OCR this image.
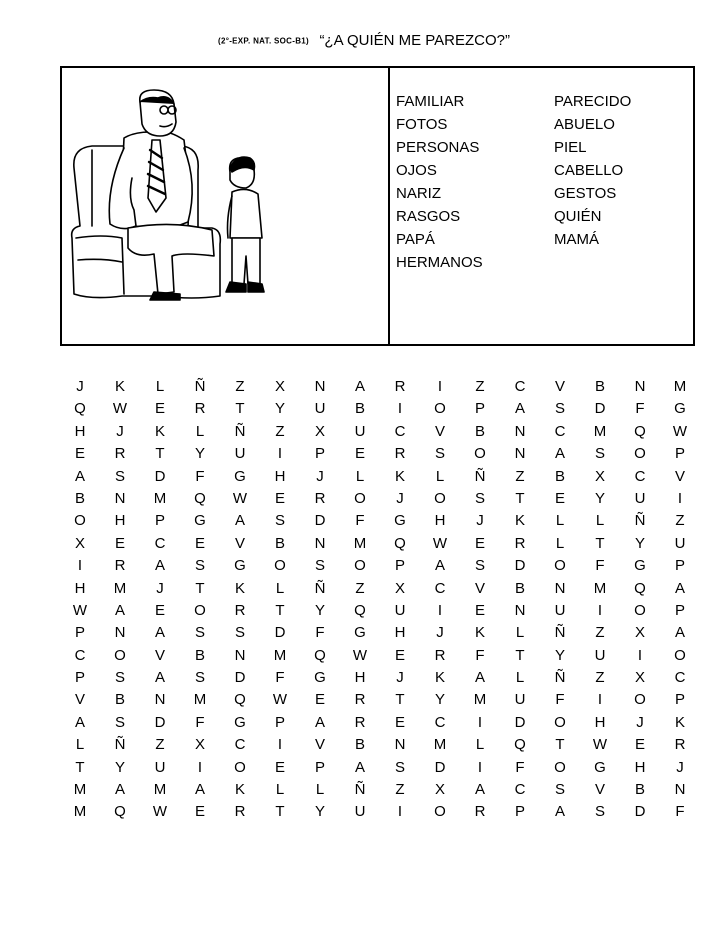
(2°-EXP. NAT. SOC-B1) “¿A QUIÉN ME PAREZCO?”
FAMILIAR	PARECIDO
FOTOS	ABUELO
PERSONAS	PIEL
OJOS	CABELLO
NARIZ	GESTOS
RASGOS	QUIÉN
PAPÁ	MAMÁ
HERMANOS
J	K	L	Ñ	Z	X	N	A	R	I	Z	C	V	B	N	M
Q	W	E	R	T	Y	U	B	I	O	P	A	S	D	F	G
H	J	K	L	Ñ	Z	X	U	C	V	B	N	C	M	Q	W
E	R	T	Y	U	I	P	E	R	S	O	N	A	S	O	P
A	S	D	F	G	H	J	L	K	L	Ñ	Z	B	X	C	V
B	N	M	Q	W	E	R	O	J	O	S	T	E	Y	U	I
O	H	P	G	A	S	D	F	G	H	J	K	L	L	Ñ	Z
X	E	C	E	V	B	N	M	Q	W	E	R	L	T	Y	U
I	R	A	S	G	O	S	O	P	A	S	D	O	F	G	P
H	M	J	T	K	L	Ñ	Z	X	C	V	B	N	M	Q	A
W	A	E	O	R	T	Y	Q	U	I	E	N	U	I	O	P
P	N	A	S	S	D	F	G	H	J	K	L	Ñ	Z	X	A
C	O	V	B	N	M	Q	W	E	R	F	T	Y	U	I	O
P	S	A	S	D	F	G	H	J	K	A	L	Ñ	Z	X	C
V	B	N	M	Q	W	E	R	T	Y	M	U	F	I	O	P
A	S	D	F	G	P	A	R	E	C	I	D	O	H	J	K
L	Ñ	Z	X	C	I	V	B	N	M	L	Q	T	W	E	R
T	Y	U	I	O	E	P	A	S	D	I	F	O	G	H	J
M	A	M	A	K	L	L	Ñ	Z	X	A	C	S	V	B	N
M	Q	W	E	R	T	Y	U	I	O	R	P	A	S	D	F
